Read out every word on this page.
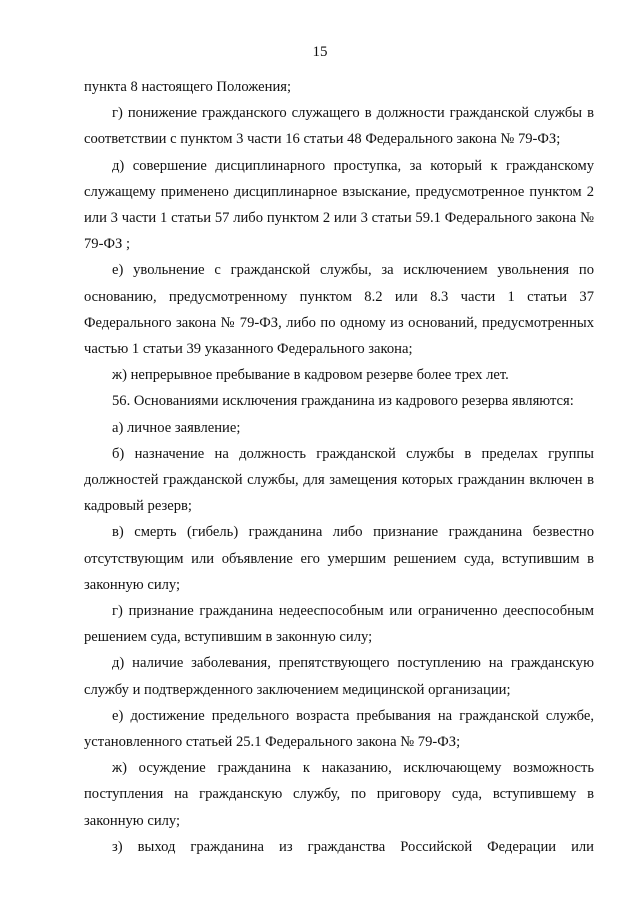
15

пункта 8 настоящего Положения;

г) понижение гражданского служащего в должности гражданской службы в соответствии с пунктом 3 части 16 статьи 48 Федерального закона № 79-ФЗ;

д) совершение дисциплинарного проступка, за который к гражданскому служащему применено дисциплинарное взыскание, предусмотренное пунктом 2 или 3 части 1 статьи 57 либо пунктом 2 или 3 статьи 59.1 Федерального закона № 79-ФЗ ;

е) увольнение с гражданской службы, за исключением увольнения по основанию, предусмотренному пунктом 8.2 или 8.3 части 1 статьи 37 Федерального закона № 79-ФЗ, либо по одному из оснований, предусмотренных частью 1 статьи 39 указанного Федерального закона;

ж) непрерывное пребывание в кадровом резерве более трех лет.

56. Основаниями исключения гражданина из кадрового резерва являются:

а) личное заявление;

б) назначение на должность гражданской службы в пределах группы должностей гражданской службы, для замещения которых гражданин включен в кадровый резерв;

в) смерть (гибель) гражданина либо признание гражданина безвестно отсутствующим или объявление его умершим решением суда, вступившим в законную силу;

г) признание гражданина недееспособным или ограниченно дееспособным решением суда, вступившим в законную силу;

д) наличие заболевания, препятствующего поступлению на гражданскую службу и подтвержденного заключением медицинской организации;

е) достижение предельного возраста пребывания на гражданской службе, установленного статьей 25.1 Федерального закона № 79-ФЗ;

ж) осуждение гражданина к наказанию, исключающему возможность поступления на гражданскую службу, по приговору суда, вступившему в законную силу;

з) выход гражданина из гражданства Российской Федерации или
